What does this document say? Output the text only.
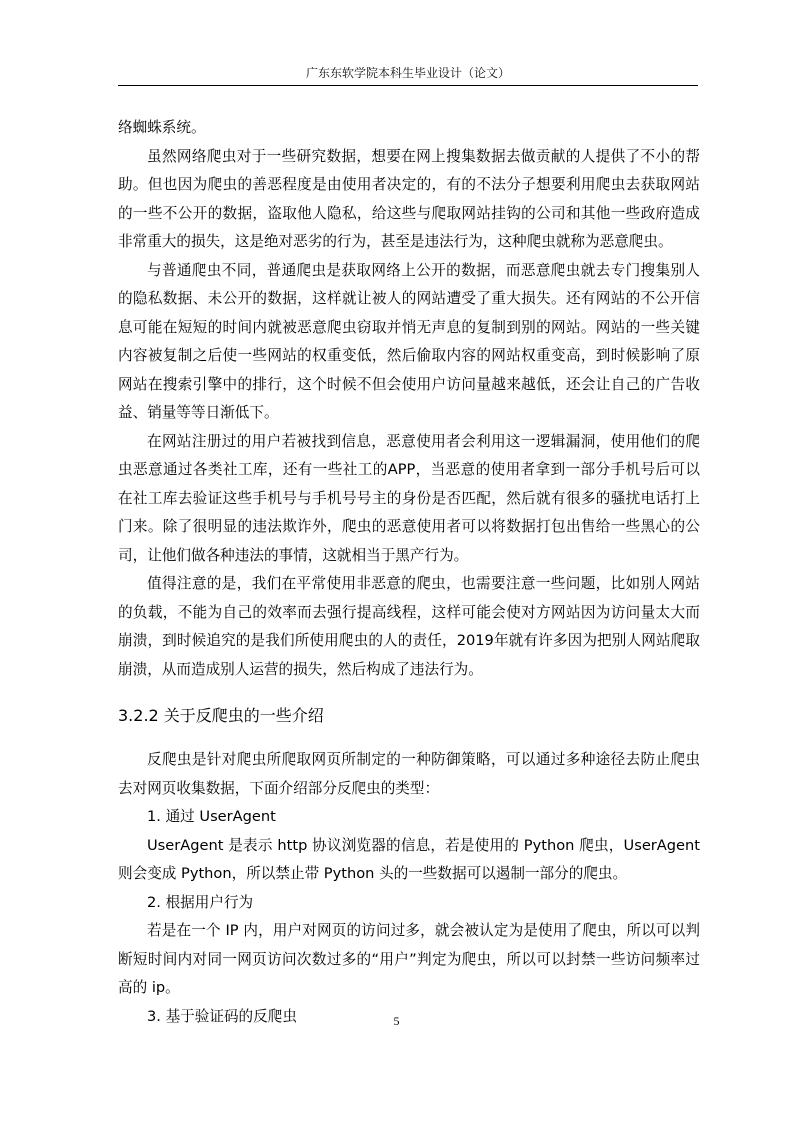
广东东软学院本科生毕业设计（论文）

络蜘蛛系统。

虽然网络爬虫对于一些研究数据，想要在网上搜集数据去做贡献的人提供了不小的帮助。但也因为爬虫的善恶程度是由使用者决定的，有的不法分子想要利用爬虫去获取网站的一些不公开的数据，盗取他人隐私，给这些与爬取网站挂钩的公司和其他一些政府造成非常重大的损失，这是绝对恶劣的行为，甚至是违法行为，这种爬虫就称为恶意爬虫。

与普通爬虫不同，普通爬虫是获取网络上公开的数据，而恶意爬虫就去专门搜集别人的隐私数据、未公开的数据，这样就让被人的网站遭受了重大损失。还有网站的不公开信息可能在短短的时间内就被恶意爬虫窃取并悄无声息的复制到别的网站。网站的一些关键内容被复制之后使一些网站的权重变低，然后偷取内容的网站权重变高，到时候影响了原网站在搜索引擎中的排行，这个时候不但会使用户访问量越来越低，还会让自己的广告收益、销量等等日渐低下。

在网站注册过的用户若被找到信息，恶意使用者会利用这一逻辑漏洞，使用他们的爬虫恶意通过各类社工库，还有一些社工的APP，当恶意的使用者拿到一部分手机号后可以在社工库去验证这些手机号与手机号号主的身份是否匹配，然后就有很多的骚扰电话打上门来。除了很明显的违法欺诈外，爬虫的恶意使用者可以将数据打包出售给一些黑心的公司，让他们做各种违法的事情，这就相当于黑产行为。

值得注意的是，我们在平常使用非恶意的爬虫，也需要注意一些问题，比如别人网站的负载，不能为自己的效率而去强行提高线程，这样可能会使对方网站因为访问量太大而崩溃，到时候追究的是我们所使用爬虫的人的责任，2019年就有许多因为把别人网站爬取崩溃，从而造成别人运营的损失，然后构成了违法行为。

3.2.2 关于反爬虫的一些介绍

反爬虫是针对爬虫所爬取网页所制定的一种防御策略，可以通过多种途径去防止爬虫去对网页收集数据，下面介绍部分反爬虫的类型：

1. 通过 UserAgent

UserAgent 是表示 http 协议浏览器的信息，若是使用的 Python 爬虫，UserAgent 则会变成 Python，所以禁止带 Python 头的一些数据可以遏制一部分的爬虫。

2. 根据用户行为

若是在一个 IP 内，用户对网页的访问过多，就会被认定为是使用了爬虫，所以可以判断短时间内对同一网页访问次数过多的“用户”判定为爬虫，所以可以封禁一些访问频率过高的 ip。

3. 基于验证码的反爬虫	5
